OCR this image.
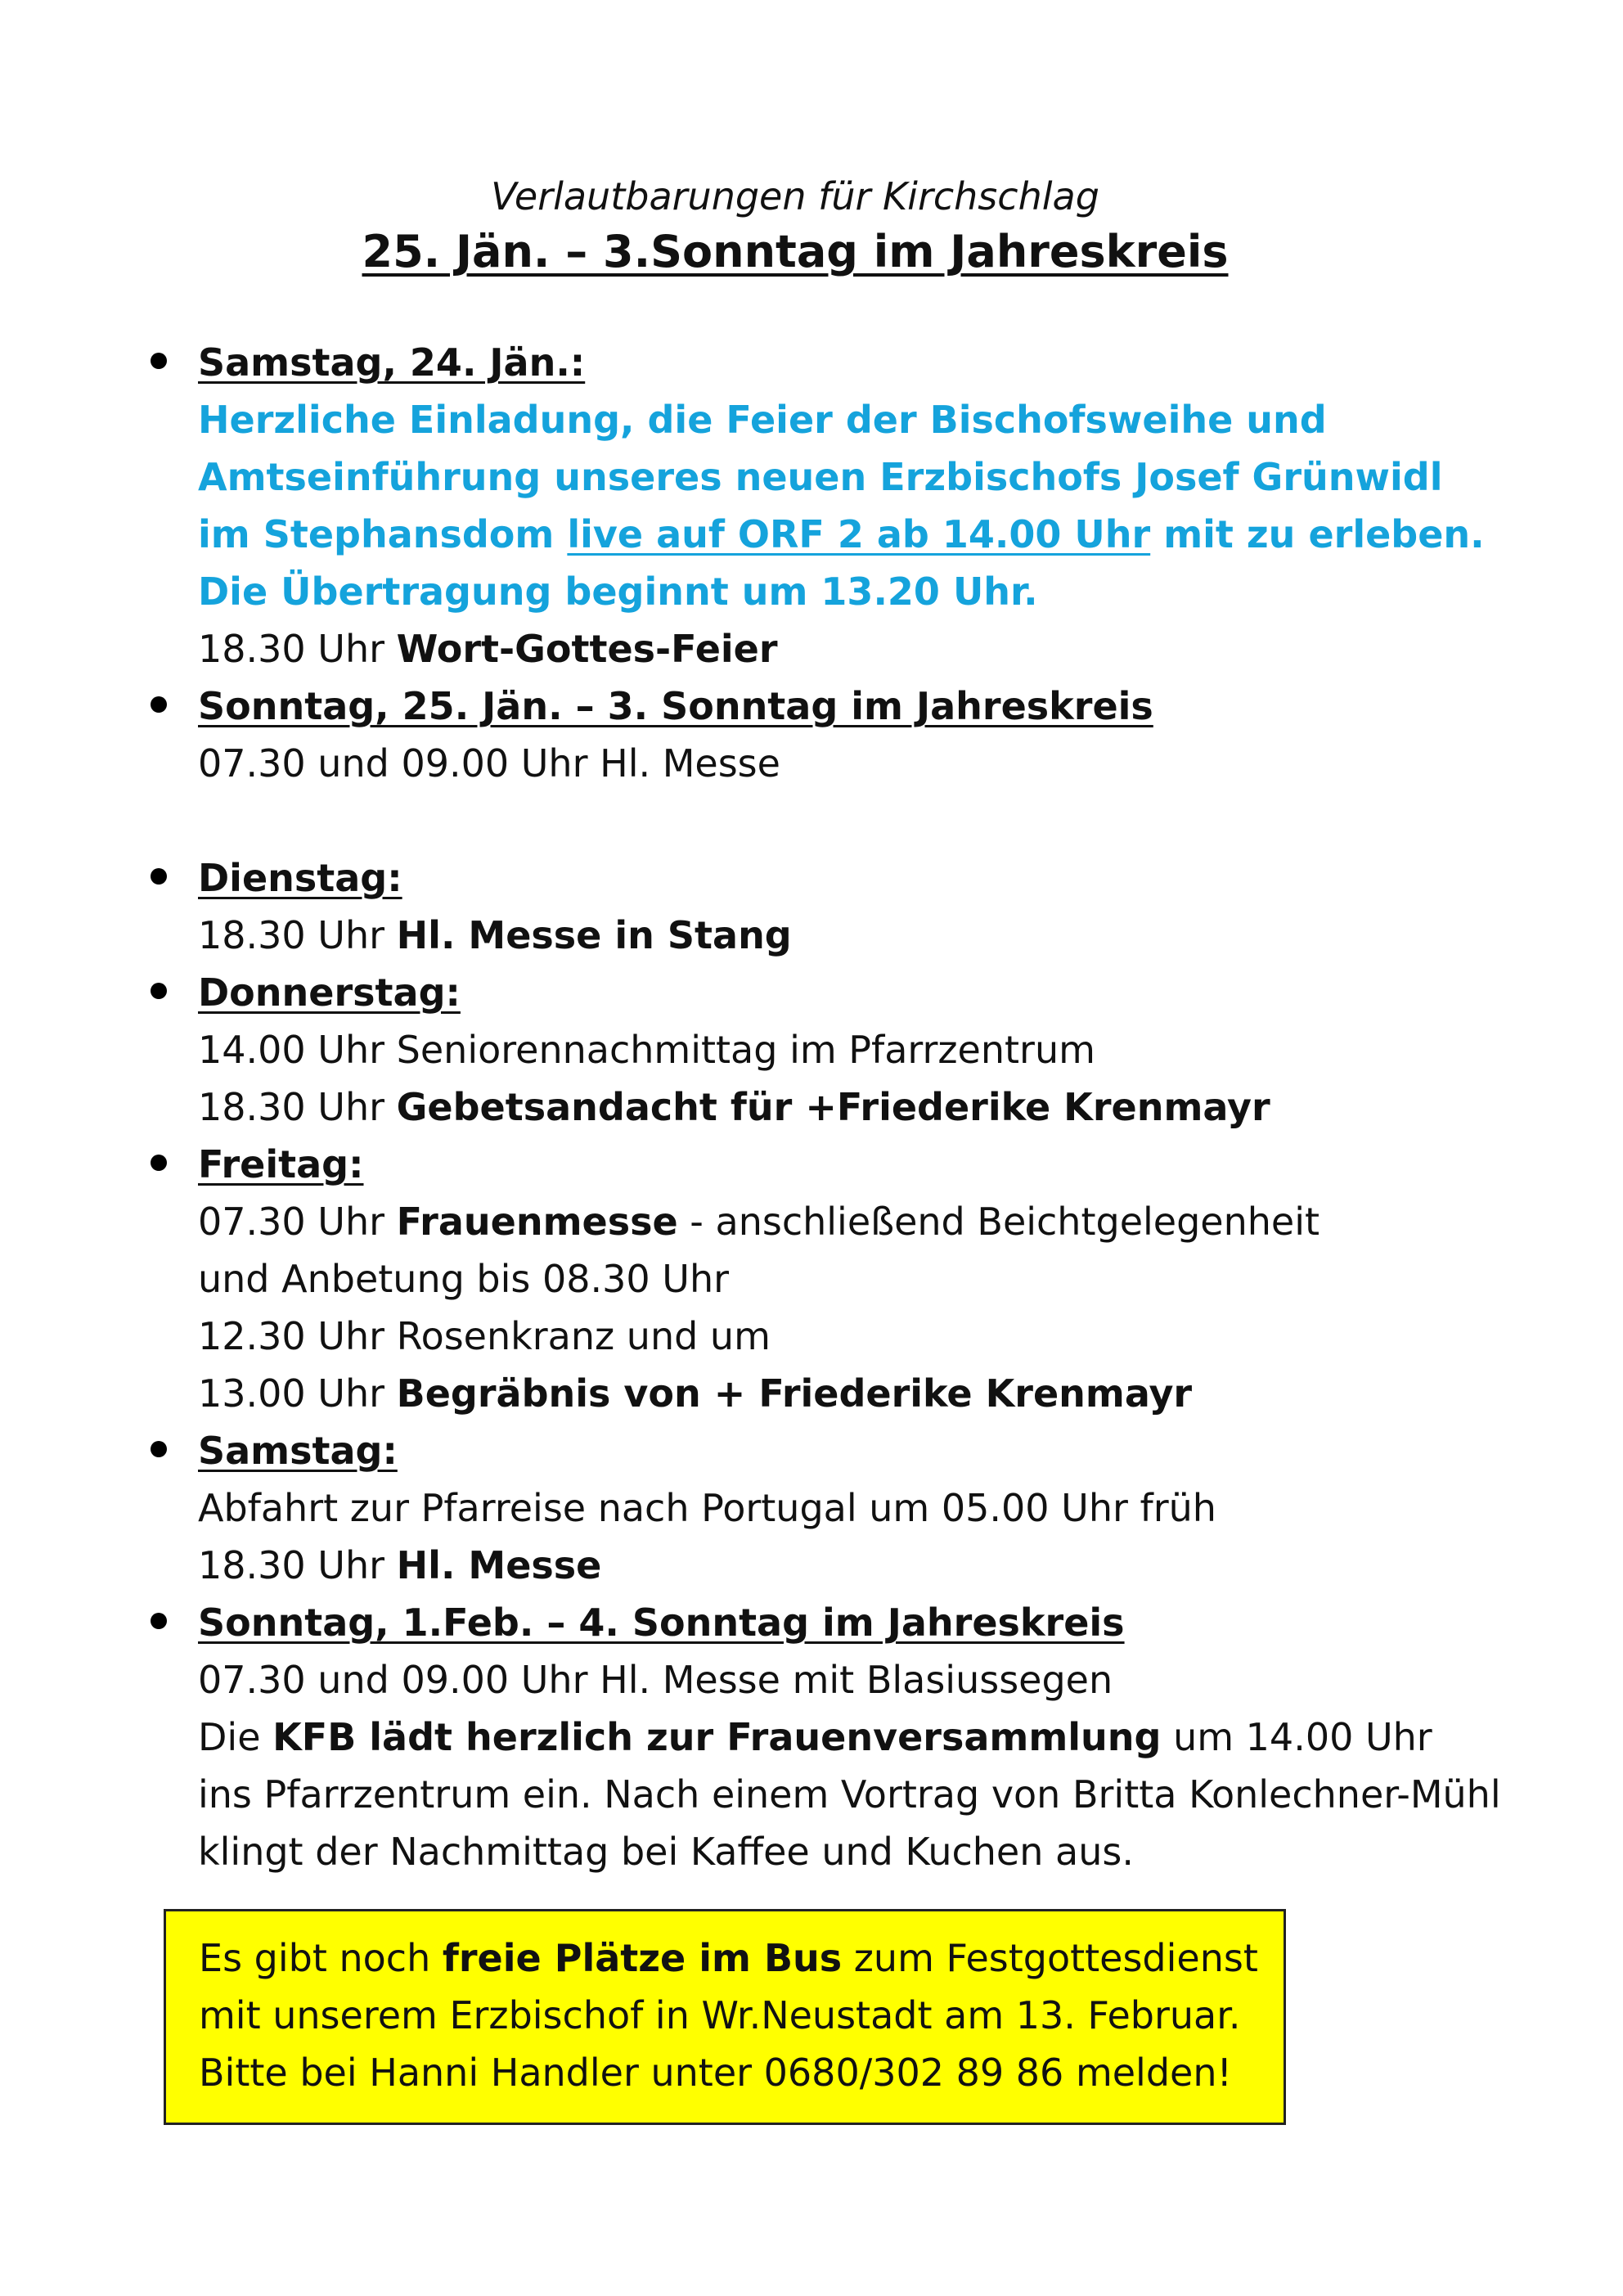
Verlautbarungen für Kirchschlag
25. Jän. – 3.Sonntag im Jahreskreis
Samstag, 24. Jän.:
Herzliche Einladung, die Feier der Bischofsweihe und
Amtseinführung unseres neuen Erzbischofs Josef Grünwidl
im Stephansdom live auf ORF 2 ab 14.00 Uhr mit zu erleben.
Die Übertragung beginnt um 13.20 Uhr.
18.30 Uhr Wort-Gottes-Feier
Sonntag, 25. Jän. – 3. Sonntag im Jahreskreis
07.30 und 09.00 Uhr Hl. Messe
Dienstag:
18.30 Uhr Hl. Messe in Stang
Donnerstag:
14.00 Uhr Seniorennachmittag im Pfarrzentrum
18.30 Uhr Gebetsandacht für +Friederike Krenmayr
Freitag:
07.30 Uhr Frauenmesse - anschließend Beichtgelegenheit
und Anbetung bis 08.30 Uhr
12.30 Uhr Rosenkranz und um
13.00 Uhr Begräbnis von + Friederike Krenmayr
Samstag:
Abfahrt zur Pfarreise nach Portugal um 05.00 Uhr früh
18.30 Uhr Hl. Messe
Sonntag, 1.Feb. – 4. Sonntag im Jahreskreis
07.30 und 09.00 Uhr Hl. Messe mit Blasiussegen
Die KFB lädt herzlich zur Frauenversammlung um 14.00 Uhr
ins Pfarrzentrum ein. Nach einem Vortrag von Britta Konlechner-Mühl
klingt der Nachmittag bei Kaffee und Kuchen aus.
Es gibt noch freie Plätze im Bus zum Festgottesdienst
mit unserem Erzbischof in Wr.Neustadt am 13. Februar.
Bitte bei Hanni Handler unter 0680/302 89 86 melden!
